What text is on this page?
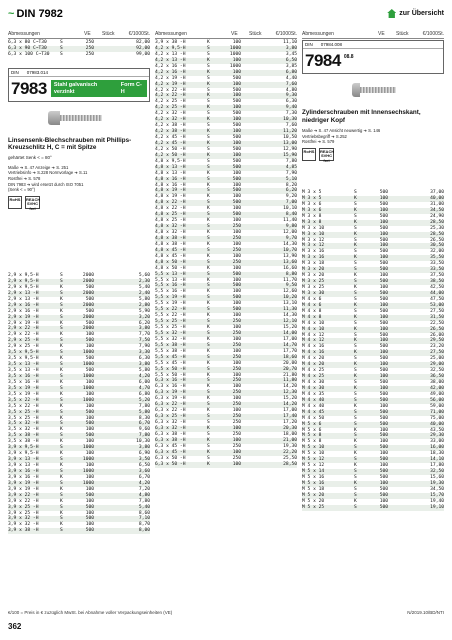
~ DIN 7982	zur Übersicht
Abmessungen	VE	Stück	€/1000St.
6,3 x 80 C~T30	S	250	82,00
6,3 x 90 C~T30	S	250	92,00
6,3 x 100 C~T30	S	250	99,00
DIN 07983.014
7983 Stahl galvanisch verzinkt
Form C-H
Linsensenk-Blechschrauben mit Phillips-Kreuzschlitz H, C = mit Spitze
gehärtet Senk < = 80°
Maße ➔ S. 47 Anzeige ➔ S. 251
Vertriebsinfo ➔ S.228 Normvorlage ➔ S.11
Rostfrei ➔ S. 578
DIN 7983 ➔ wird ersetzt durch ISO 7051
(Senk < = 90°)
RoHS	REACH SVHC frei
2,9 x 9,5-H	S	2000	5,60
2,9 x 9,5-H	S	2000	2,30
2,9 x 9,5-H	K	500	5,40
2,9 x 13 -H	S	2000	2,40
2,9 x 13 -H	K	500	5,80
2,9 x 16 -H	S	2000	2,80
2,9 x 16 -H	K	500	5,90
2,9 x 19 -H	S	2000	3,20
2,9 x 19 -H	K	500	6,20
2,9 x 22 -H	S	2000	3,80
2,9 x 22 -H	K	100	7,70
2,9 x 25 -H	S	500	7,50
2,9 x 25 -H	K	100	7,90
3,5 x 9,5-H	S	1000	3,30
3,5 x 9,5-H	K	500	6,30
3,5 x 13 -H	S	1000	3,80
3,5 x 13 -H	K	500	5,80
3,5 x 16 -H	S	1000	4,20
3,5 x 16 -H	K	100	6,00
3,5 x 19 -H	S	1000	4,70
3,5 x 19 -H	K	100	6,80
3,5 x 22 -H	S	1000	5,20
3,5 x 22 -H	K	100	7,80
3,5 x 25 -H	S	500	5,80
3,5 x 25 -H	K	100	8,30
3,5 x 32 -H	S	500	6,70
3,5 x 32 -H	K	100	9,60
3,5 x 38 -H	S	500	7,80
3,5 x 38 -H	K	100	10,30
3,9 x 9,5-H	S	1000	3,80
3,9 x 9,5-H	K	100	6,90
3,9 x 13 -H	S	1000	3,50
3,9 x 13 -H	K	100	6,50
3,9 x 16 -H	S	1000	3,60
3,9 x 16 -H	K	100	6,70
3,9 x 19 -H	S	1000	4,20
3,9 x 19 -H	K	100	7,20
3,9 x 22 -H	S	500	4,80
3,9 x 22 -H	K	100	7,80
3,9 x 25 -H	S	500	5,40
3,9 x 25 -H	K	100	8,60
3,9 x 32 -H	S	500	7,10
3,9 x 32 -H	K	100	8,70
3,9 x 38 -H	S	500	8,00
Abmessungen	VE	Stück	€/1000St.
3,9 x 38 -H	K	100	11,10
4,2 x 9,5-H	S	1000	3,80
4,2 x 13 -H	S	1000	3,45
4,2 x 13 -H	K	100	6,50
4,2 x 16 -H	S	1000	3,85
4,2 x 16 -H	K	100	6,80
4,2 x 19 -H	S	500	4,40
4,2 x 19 -H	K	100	7,60
4,2 x 22 -H	S	500	4,80
4,2 x 22 -H	K	100	9,30
4,2 x 25 -H	S	500	6,30
4,2 x 25 -H	K	100	9,40
4,2 x 32 -H	S	500	7,30
4,2 x 32 -H	K	100	10,30
4,2 x 38 -H	S	500	7,60
4,2 x 38 -H	K	100	11,20
4,2 x 45 -H	S	500	10,50
4,2 x 45 -H	K	100	13,00
4,2 x 50 -H	S	500	12,90
4,2 x 50 -H	K	100	15,90
4,8 x 9,5-H	S	500	7,80
4,8 x 13 -H	S	500	4,85
4,8 x 13 -H	K	100	7,90
4,8 x 16 -H	S	500	5,10
4,8 x 16 -H	K	100	8,20
4,8 x 19 -H	S	500	6,20
4,8 x 19 -H	K	100	9,20
4,8 x 22 -H	S	500	7,00
4,8 x 22 -H	K	100	10,10
4,8 x 25 -H	S	500	8,40
4,8 x 25 -H	K	100	11,40
4,8 x 32 -H	S	250	9,80
4,8 x 32 -H	K	100	12,00
4,8 x 38 -H	S	250	9,70
4,8 x 38 -H	K	100	14,30
4,8 x 45 -H	S	250	10,70
4,8 x 45 -H	K	100	13,90
4,8 x 50 -H	S	250	13,60
4,8 x 50 -H	K	100	16,60
5,5 x 13 -H	S	500	8,80
5,5 x 13 -H	K	100	11,70
5,5 x 16 -H	S	500	9,50
5,5 x 16 -H	K	100	12,60
5,5 x 19 -H	S	500	10,20
5,5 x 19 -H	K	100	13,10
5,5 x 22 -H	S	500	11,30
5,5 x 22 -H	K	100	14,30
5,5 x 25 -H	S	250	12,10
5,5 x 25 -H	K	100	15,20
5,5 x 32 -H	S	250	14,00
5,5 x 32 -H	K	100	17,00
5,5 x 38 -H	S	250	14,70
5,5 x 38 -H	K	100	17,70
5,5 x 45 -H	S	250	18,60
5,5 x 45 -H	K	100	20,00
5,5 x 50 -H	S	250	20,70
5,5 x 50 -H	K	100	21,80
6,3 x 16 -H	S	250	11,80
6,3 x 16 -H	K	100	14,20
6,3 x 19 -H	S	250	12,30
6,3 x 19 -H	K	100	15,20
6,3 x 22 -H	S	250	14,20
6,3 x 22 -H	K	100	17,00
6,3 x 25 -H	S	250	17,40
6,3 x 32 -H	S	250	17,20
6,3 x 32 -H	K	100	20,30
6,3 x 38 -H	S	250	18,00
6,3 x 38 -H	K	100	21,00
6,3 x 45 -H	S	250	19,30
6,3 x 45 -H	K	100	22,20
6,3 x 50 -H	S	250	25,50
6,3 x 50 -H	K	100	28,50
Abmessungen	VE	Stück	€/1000St.
DIN 07984.008
7984 08.8
Zylinderschrauben mit Innensechskant, niedriger Kopf
Maße ➔ S. 47 Ansicht neuwertig ➔ S. 146
Vertriebsbegriff ➔ S.252
Rostfrei ➔ S. 579
RoHS	REACH SVHC frei
M 3 x 5	S	500	37,00
M 3 x 5	K	100	40,00
M 3 x 6	S	500	31,00
M 3 x 6	K	100	34,50
M 3 x 8	S	500	24,90
M 3 x 8	K	100	28,50
M 3 x 10	S	500	25,30
M 3 x 10	K	100	28,50
M 3 x 12	S	500	26,50
M 3 x 12	K	100	30,50
M 3 x 16	S	500	32,00
M 3 x 16	K	100	35,50
M 3 x 18	S	500	33,50
M 3 x 20	S	500	33,50
M 3 x 20	K	100	37,50
M 3 x 25	S	500	38,50
M 3 x 25	K	100	42,50
M 3 x 30	S	500	44,00
M 4 x 6	S	500	47,50
M 4 x 6	K	100	53,00
M 4 x 8	S	500	27,50
M 4 x 8	K	100	31,50
M 4 x 10	S	500	22,50
M 4 x 10	K	100	26,50
M 4 x 12	S	500	26,00
M 4 x 12	K	100	29,50
M 4 x 16	S	500	23,20
M 4 x 16	K	100	27,50
M 4 x 20	S	500	25,00
M 4 x 20	K	100	29,00
M 4 x 25	S	500	32,50
M 4 x 25	K	100	36,50
M 4 x 30	S	500	38,00
M 4 x 30	K	100	42,00
M 4 x 35	S	500	49,00
M 4 x 40	S	500	56,00
M 4 x 40	K	100	59,00
M 4 x 45	S	500	71,00
M 4 x 50	S	500	75,00
M 5 x 6	S	500	40,00
M 5 x 6	K	100	43,50
M 5 x 8	S	500	29,30
M 5 x 8	K	100	33,00
M 5 x 10	S	500	16,00
M 5 x 10	K	100	18,30
M 5 x 12	S	500	14,10
M 5 x 12	K	100	17,80
M 5 x 14	S	500	32,50
M 5 x 16	S	500	15,60
M 5 x 16	K	100	19,30
M 5 x 18	S	500	34,50
M 5 x 20	S	500	15,70
M 5 x 20	K	100	19,40
M 5 x 25	S	500	19,10
€/100 = Preis in € zuzüglich MwSt. bei Abnahme voller Verpackungseinheiten (VE)	N/2019.10/BD/NTI
362
